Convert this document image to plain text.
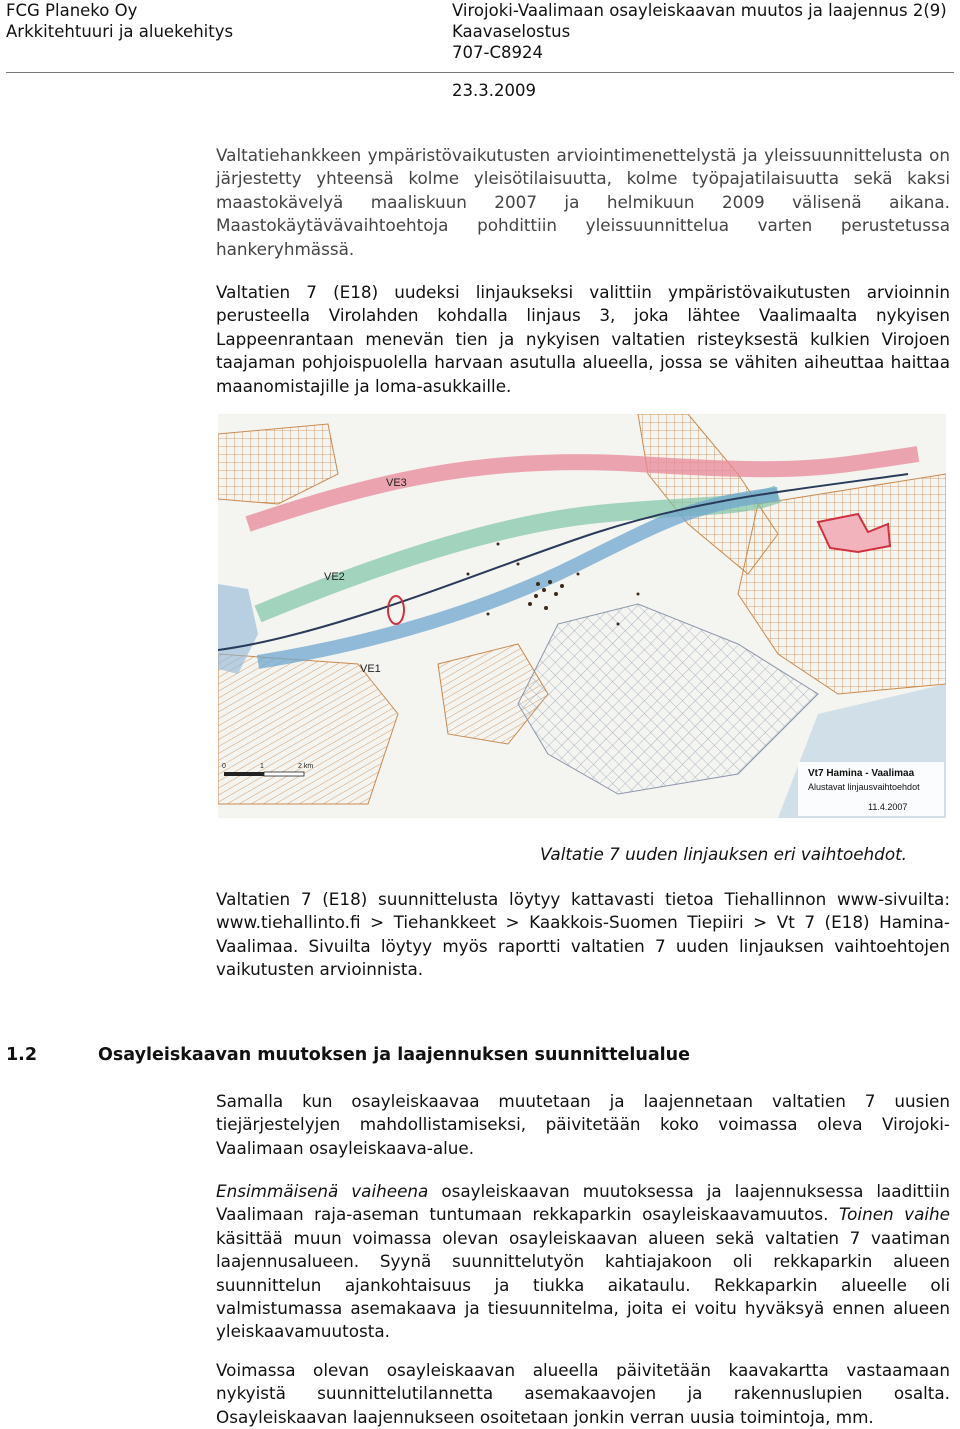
FCG Planeko Oy
Arkkitehtuuri ja aluekehitys
Virojoki-Vaalimaan osayleiskaavan muutos ja laajennus 2(9)
Kaavaselostus
707-C8924
23.3.2009

Valtatiehankkeen ympäristövaikutusten arviointimenettelystä ja yleissuunnittelusta on järjestetty yhteensä kolme yleisötilaisuutta, kolme työpajatilaisuutta sekä kaksi maastokävelyä maaliskuun 2007 ja helmikuun 2009 välisenä aikana. Maastokäytävävaihtoehtoja pohdittiin yleissuunnittelua varten perustetussa hankeryhmässä.

Valtatien 7 (E18) uudeksi linjaukseksi valittiin ympäristövaikutusten arvioinnin perusteella Virolahden kohdalla linjaus 3, joka lähtee Vaalimaalta nykyisen Lappeenrantaan menevän tien ja nykyisen valtatien risteyksestä kulkien Virojoen taajaman pohjoispuolella harvaan asutulla alueella, jossa se vähiten aiheuttaa haittaa maanomistajille ja loma-asukkaille.

VE3
VE2
VE1
0	1	2 km
Vt7 Hamina - Vaalimaa
Alustavat linjausvaihtoehdot
11.4.2007
Valtatie 7 uuden linjauksen eri vaihtoehdot.

Valtatien 7 (E18) suunnittelusta löytyy kattavasti tietoa Tiehallinnon www-sivuilta: www.tiehallinto.fi > Tiehankkeet > Kaakkois-Suomen Tiepiiri > Vt 7 (E18) Hamina-Vaalimaa. Sivuilta löytyy myös raportti valtatien 7 uuden linjauksen vaihtoehtojen vaikutusten arvioinnista.

1.2	Osayleiskaavan muutoksen ja laajennuksen suunnittelualue

Samalla kun osayleiskaavaa muutetaan ja laajennetaan valtatien 7 uusien tiejärjestelyjen mahdollistamiseksi, päivitetään koko voimassa oleva Virojoki-Vaalimaan osayleiskaava-alue.

Ensimmäisenä vaiheena osayleiskaavan muutoksessa ja laajennuksessa laadittiin Vaalimaan raja-aseman tuntumaan rekkaparkin osayleiskaavamuutos. Toinen vaihe käsittää muun voimassa olevan osayleiskaavan alueen sekä valtatien 7 vaatiman laajennusalueen. Syynä suunnittelutyön kahtiajakoon oli rekkaparkin alueen suunnittelun ajankohtaisuus ja tiukka aikataulu. Rekkaparkin alueelle oli valmistumassa asemakaava ja tiesuunnitelma, joita ei voitu hyväksyä ennen alueen yleiskaavamuutosta.

Voimassa olevan osayleiskaavan alueella päivitetään kaavakartta vastaamaan nykyistä suunnittelutilannetta asemakaavojen ja rakennuslupien osalta. Osayleiskaavan laajennukseen osoitetaan jonkin verran uusia toimintoja, mm.
